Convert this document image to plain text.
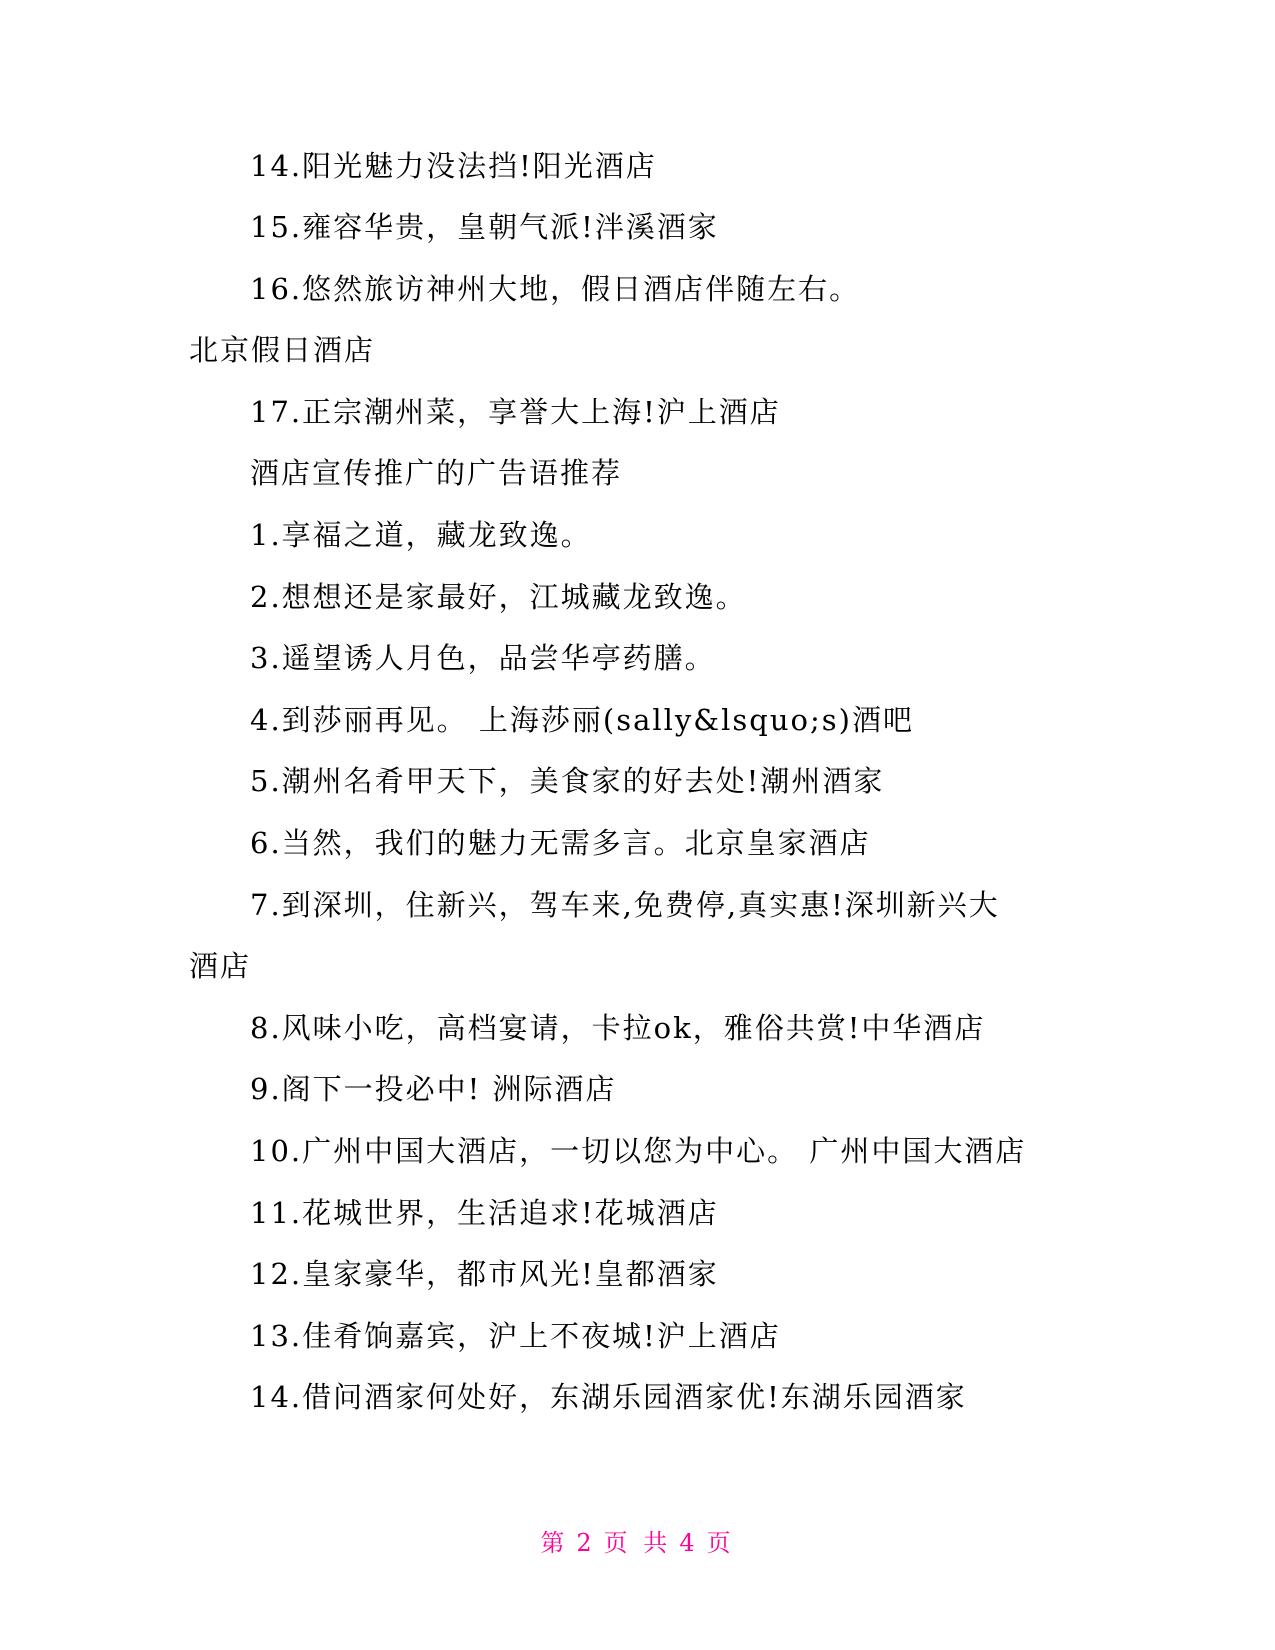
14.阳光魅力没法挡!阳光酒店
15.雍容华贵，皇朝气派!泮溪酒家
16.悠然旅访神州大地，假日酒店伴随左右。
北京假日酒店
17.正宗潮州菜，享誉大上海!沪上酒店
酒店宣传推广的广告语推荐
1.享福之道，藏龙致逸。
2.想想还是家最好，江城藏龙致逸。
3.遥望诱人月色，品尝华亭药膳。
4.到莎丽再见。 上海莎丽(sally&lsquo;s)酒吧
5.潮州名肴甲天下，美食家的好去处!潮州酒家
6.当然，我们的魅力无需多言。北京皇家酒店
7.到深圳，住新兴，驾车来,免费停,真实惠!深圳新兴大
酒店
8.风味小吃，高档宴请，卡拉ok，雅俗共赏!中华酒店
9.阁下一投必中! 洲际酒店
10.广州中国大酒店，一切以您为中心。 广州中国大酒店
11.花城世界，生活追求!花城酒店
12.皇家豪华，都市风光!皇都酒家
13.佳肴饷嘉宾，沪上不夜城!沪上酒店
14.借问酒家何处好，东湖乐园酒家优!东湖乐园酒家
第 2 页 共 4 页
